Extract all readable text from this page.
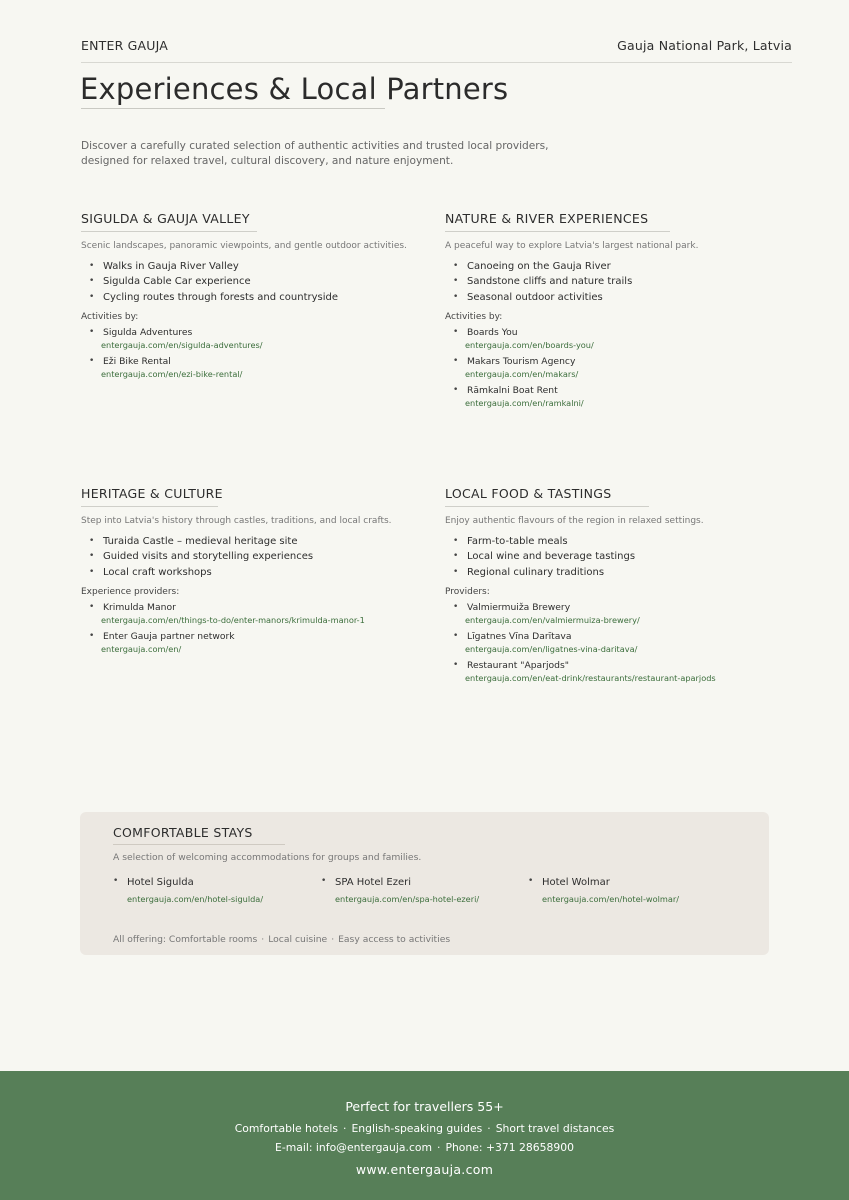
ENTER GAUJA	Gauja National Park, Latvia
Experiences & Local Partners

Discover a carefully curated selection of authentic activities and trusted local providers, designed for relaxed travel, cultural discovery, and nature enjoyment.

SIGULDA & GAUJA VALLEY

Scenic landscapes, panoramic viewpoints, and gentle outdoor activities.

• Walks in Gauja River Valley
• Sigulda Cable Car experience
• Cycling routes through forests and countryside

Activities by:

• Sigulda Adventures
entergauja.com/en/sigulda-adventures/
• Eži Bike Rental
entergauja.com/en/ezi-bike-rental/
NATURE & RIVER EXPERIENCES

A peaceful way to explore Latvia's largest national park.

• Canoeing on the Gauja River
• Sandstone cliffs and nature trails
• Seasonal outdoor activities

Activities by:

• Boards You
entergauja.com/en/boards-you/
• Makars Tourism Agency
entergauja.com/en/makars/
• Rāmkalni Boat Rent
entergauja.com/en/ramkalni/
HERITAGE & CULTURE

Step into Latvia's history through castles, traditions, and local crafts.

• Turaida Castle – medieval heritage site
• Guided visits and storytelling experiences
• Local craft workshops

Experience providers:

• Krimulda Manor
entergauja.com/en/things-to-do/enter-manors/krimulda-manor-1
• Enter Gauja partner network
entergauja.com/en/
LOCAL FOOD & TASTINGS

Enjoy authentic flavours of the region in relaxed settings.

• Farm-to-table meals
• Local wine and beverage tastings
• Regional culinary traditions

Providers:

• Valmiermuiža Brewery
entergauja.com/en/valmiermuiza-brewery/
• Līgatnes Vīna Darītava
entergauja.com/en/ligatnes-vina-daritava/
• Restaurant "Aparjods"
entergauja.com/en/eat-drink/restaurants/restaurant-aparjods
COMFORTABLE STAYS

A selection of welcoming accommodations for groups and families.

• Hotel Sigulda
entergauja.com/en/hotel-sigulda/
• SPA Hotel Ezeri
entergauja.com/en/spa-hotel-ezeri/
• Hotel Wolmar
entergauja.com/en/hotel-wolmar/

All offering: Comfortable rooms · Local cuisine · Easy access to activities

Perfect for travellers 55+
Comfortable hotels · English-speaking guides · Short travel distances
E-mail: info@entergauja.com · Phone: +371 28658900
www.entergauja.com
